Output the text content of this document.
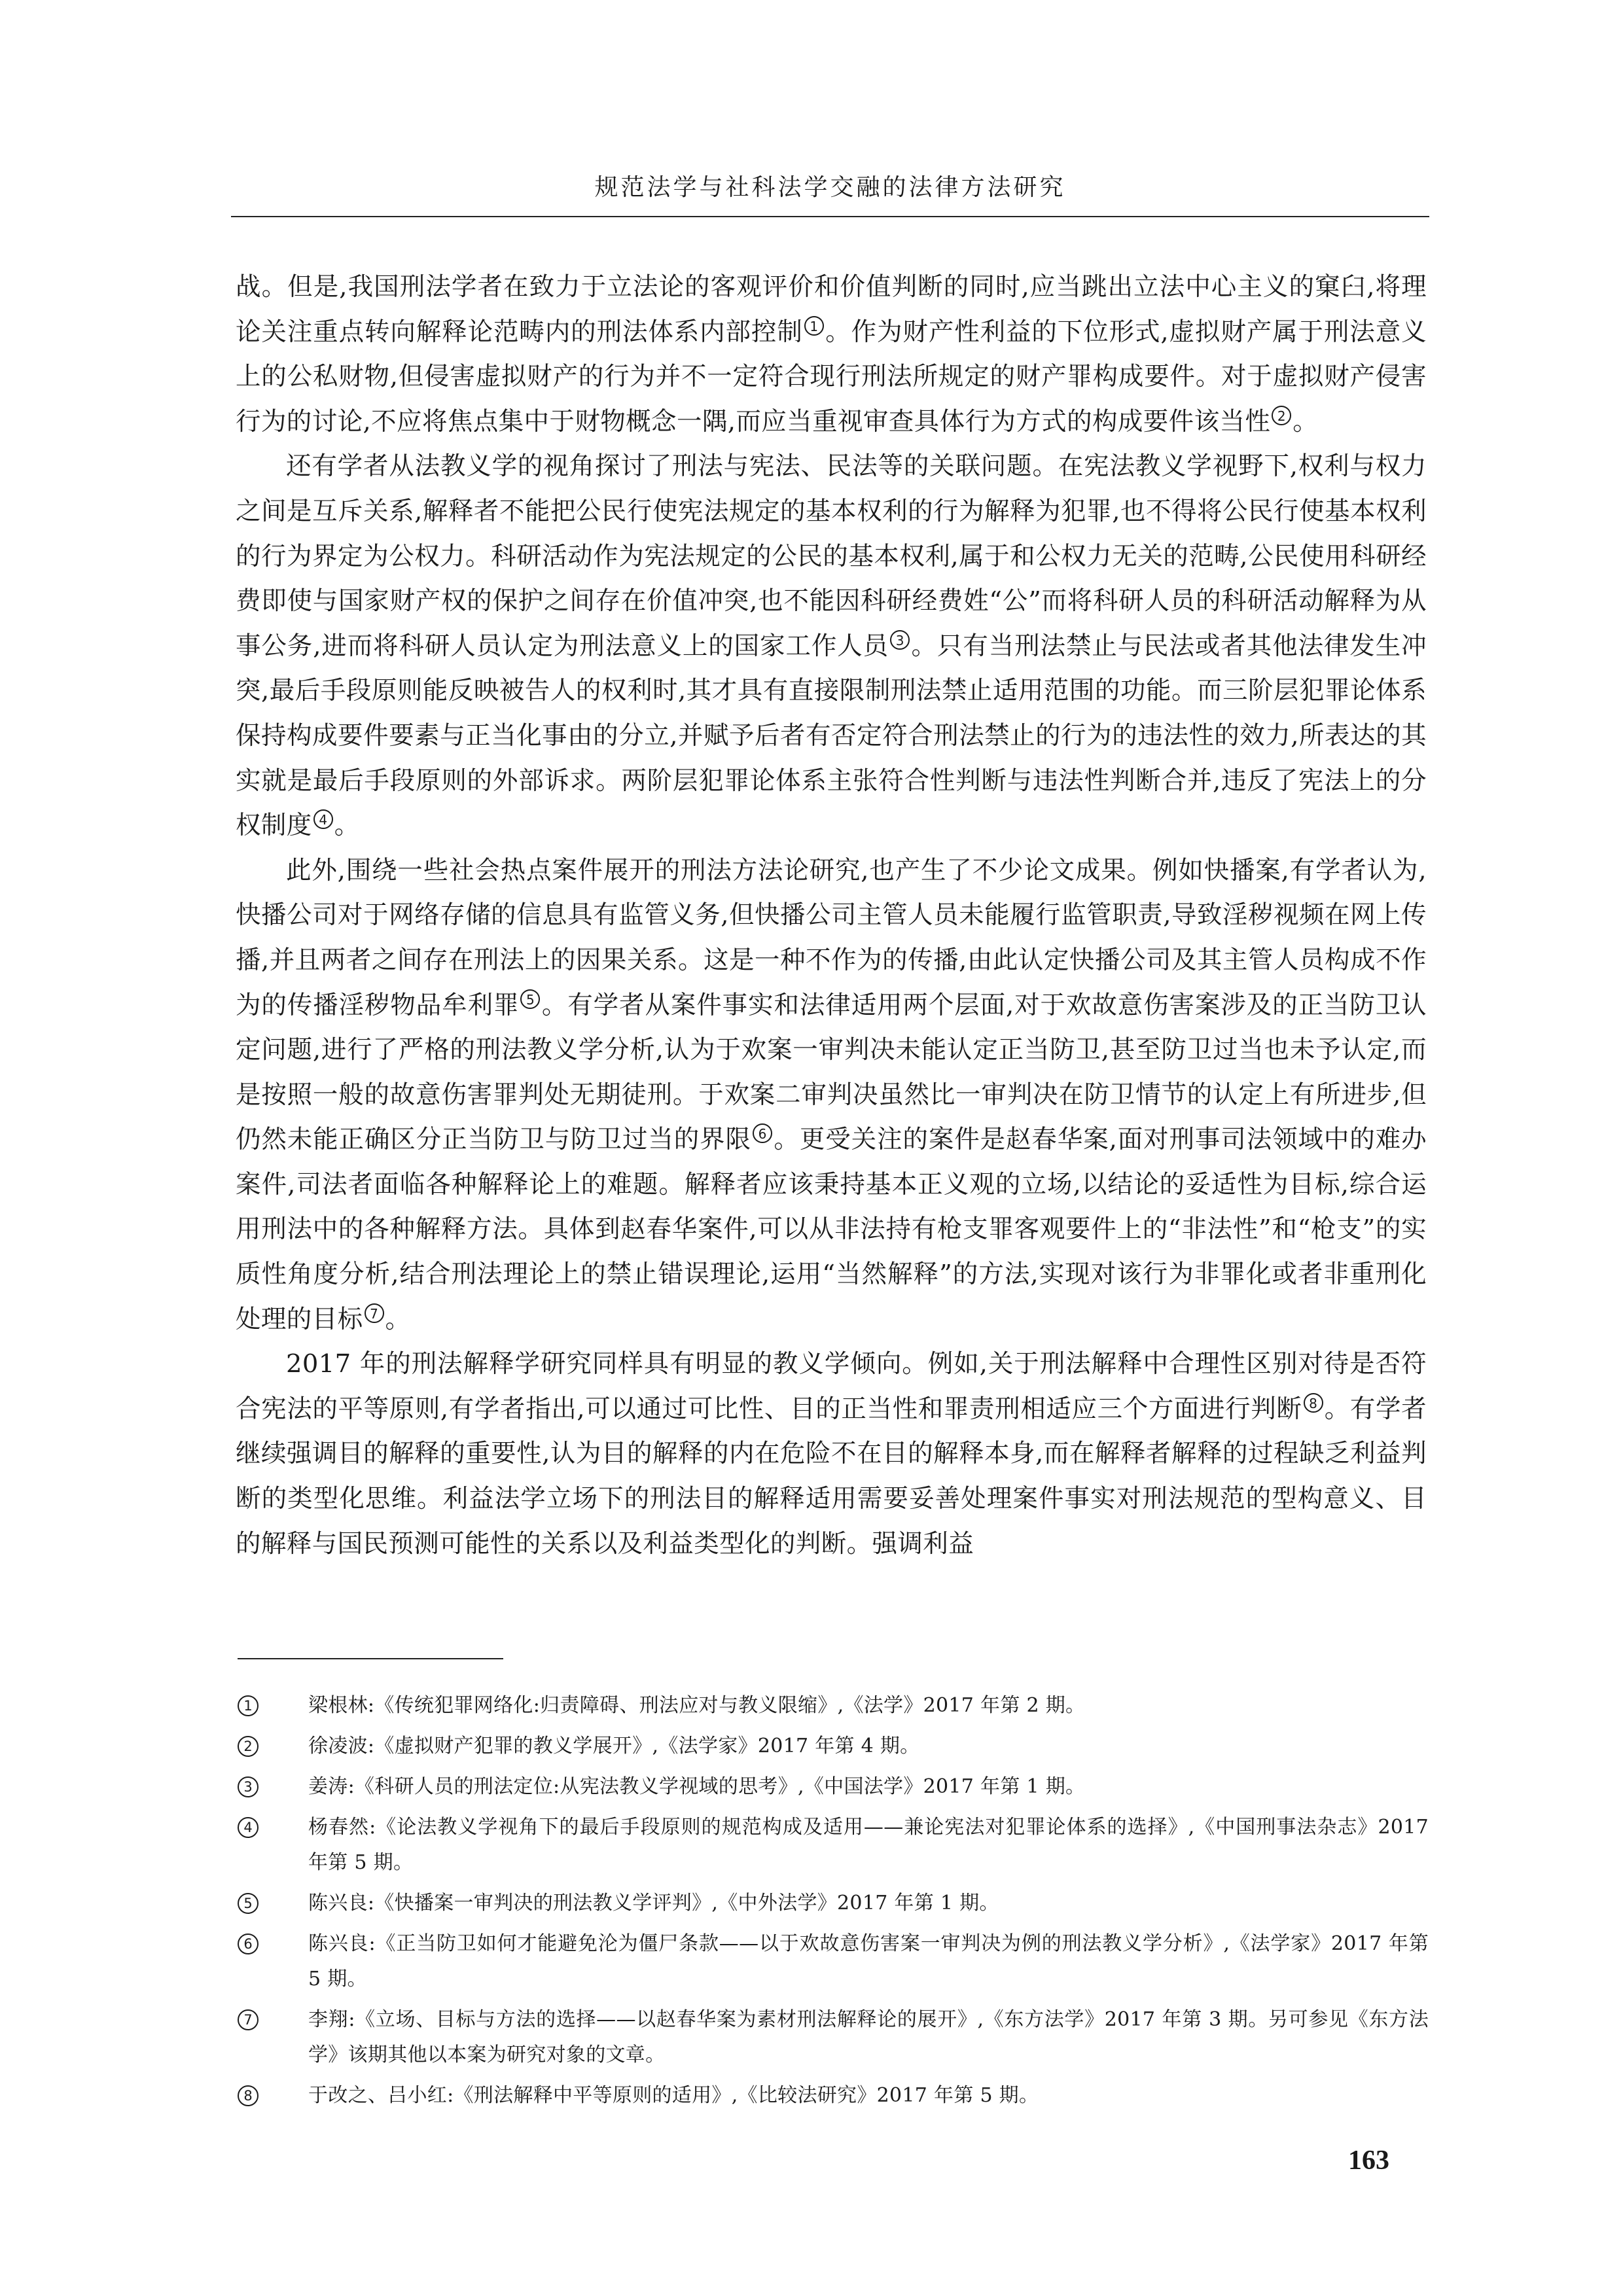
规范法学与社科法学交融的法律方法研究

战。但是,我国刑法学者在致力于立法论的客观评价和价值判断的同时,应当跳出立法中心主义的窠臼,将理论关注重点转向解释论范畴内的刑法体系内部控制 1 。作为财产性利益的下位形式,虚拟财产属于刑法意义上的公私财物,但侵害虚拟财产的行为并不一定符合现行刑法所规定的财产罪构成要件。对于虚拟财产侵害行为的讨论,不应将焦点集中于财物概念一隅,而应当重视审查具体行为方式的构成要件该当性 2 。

还有学者从法教义学的视角探讨了刑法与宪法、民法等的关联问题。在宪法教义学视野下,权利与权力之间是互斥关系,解释者不能把公民行使宪法规定的基本权利的行为解释为犯罪,也不得将公民行使基本权利的行为界定为公权力。科研活动作为宪法规定的公民的基本权利,属于和公权力无关的范畴,公民使用科研经费即使与国家财产权的保护之间存在价值冲突,也不能因科研经费姓“公”而将科研人员的科研活动解释为从事公务,进而将科研人员认定为刑法意义上的国家工作人员 3 。只有当刑法禁止与民法或者其他法律发生冲突,最后手段原则能反映被告人的权利时,其才具有直接限制刑法禁止适用范围的功能。而三阶层犯罪论体系保持构成要件要素与正当化事由的分立,并赋予后者有否定符合刑法禁止的行为的违法性的效力,所表达的其实就是最后手段原则的外部诉求。两阶层犯罪论体系主张符合性判断与违法性判断合并,违反了宪法上的分权制度 4 。

此外,围绕一些社会热点案件展开的刑法方法论研究,也产生了不少论文成果。例如快播案,有学者认为,快播公司对于网络存储的信息具有监管义务,但快播公司主管人员未能履行监管职责,导致淫秽视频在网上传播,并且两者之间存在刑法上的因果关系。这是一种不作为的传播,由此认定快播公司及其主管人员构成不作为的传播淫秽物品牟利罪 5 。有学者从案件事实和法律适用两个层面,对于欢故意伤害案涉及的正当防卫认定问题,进行了严格的刑法教义学分析,认为于欢案一审判决未能认定正当防卫,甚至防卫过当也未予认定,而是按照一般的故意伤害罪判处无期徒刑。于欢案二审判决虽然比一审判决在防卫情节的认定上有所进步,但仍然未能正确区分正当防卫与防卫过当的界限 6 。更受关注的案件是赵春华案,面对刑事司法领域中的难办案件,司法者面临各种解释论上的难题。解释者应该秉持基本正义观的立场,以结论的妥适性为目标,综合运用刑法中的各种解释方法。具体到赵春华案件,可以从非法持有枪支罪客观要件上的“非法性”和“枪支”的实质性角度分析,结合刑法理论上的禁止错误理论,运用“当然解释”的方法,实现对该行为非罪化或者非重刑化处理的目标 7 。

2017 年的刑法解释学研究同样具有明显的教义学倾向。例如,关于刑法解释中合理性区别对待是否符合宪法的平等原则,有学者指出,可以通过可比性、目的正当性和罪责刑相适应三个方面进行判断 8 。有学者继续强调目的解释的重要性,认为目的解释的内在危险不在目的解释本身,而在解释者解释的过程缺乏利益判断的类型化思维。利益法学立场下的刑法目的解释适用需要妥善处理案件事实对刑法规范的型构意义、目的解释与国民预测可能性的关系以及利益类型化的判断。强调利益

1	梁根林:《传统犯罪网络化:归责障碍、刑法应对与教义限缩》,《法学》2017 年第 2 期。
2	徐凌波:《虚拟财产犯罪的教义学展开》,《法学家》2017 年第 4 期。
3	姜涛:《科研人员的刑法定位:从宪法教义学视域的思考》,《中国法学》2017 年第 1 期。
4	杨春然:《论法教义学视角下的最后手段原则的规范构成及适用——兼论宪法对犯罪论体系的选择》,《中国刑事法杂志》2017 年第 5 期。
5	陈兴良:《快播案一审判决的刑法教义学评判》,《中外法学》2017 年第 1 期。
6	陈兴良:《正当防卫如何才能避免沦为僵尸条款——以于欢故意伤害案一审判决为例的刑法教义学分析》,《法学家》2017 年第 5 期。
7	李翔:《立场、目标与方法的选择——以赵春华案为素材刑法解释论的展开》,《东方法学》2017 年第 3 期。另可参见《东方法学》该期其他以本案为研究对象的文章。
8	于改之、吕小红:《刑法解释中平等原则的适用》,《比较法研究》2017 年第 5 期。
163
